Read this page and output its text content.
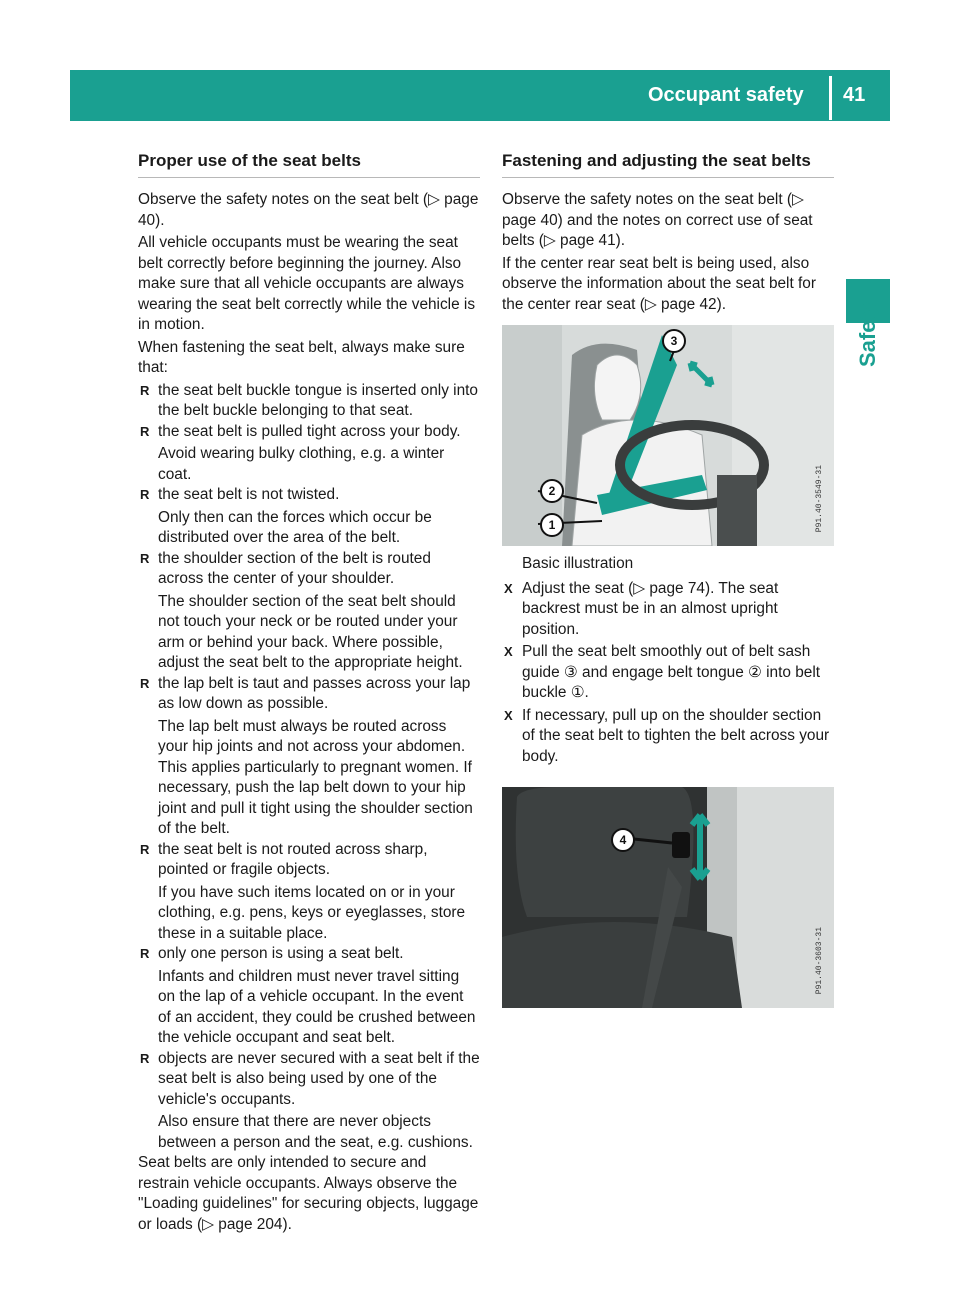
Occupant safety 41
Safety
Proper use of the seat belts

Observe the safety notes on the seat belt (▷ page 40).

All vehicle occupants must be wearing the seat belt correctly before beginning the journey. Also make sure that all vehicle occupants are always wearing the seat belt correctly while the vehicle is in motion.

When fastening the seat belt, always make sure that:

R the seat belt buckle tongue is inserted only into the belt buckle belonging to that seat.
R the seat belt is pulled tight across your body.
Avoid wearing bulky clothing, e.g. a winter coat.
R the seat belt is not twisted.
Only then can the forces which occur be distributed over the area of the belt.
R the shoulder section of the belt is routed across the center of your shoulder.
The shoulder section of the seat belt should not touch your neck or be routed under your arm or behind your back. Where possible, adjust the seat belt to the appropriate height.
R the lap belt is taut and passes across your lap as low down as possible.
The lap belt must always be routed across your hip joints and not across your abdomen. This applies particularly to pregnant women. If necessary, push the lap belt down to your hip joint and pull it tight using the shoulder section of the belt.
R the seat belt is not routed across sharp, pointed or fragile objects.
If you have such items located on or in your clothing, e.g. pens, keys or eyeglasses, store these in a suitable place.
R only one person is using a seat belt.
Infants and children must never travel sitting on the lap of a vehicle occupant. In the event of an accident, they could be crushed between the vehicle occupant and seat belt.
R objects are never secured with a seat belt if the seat belt is also being used by one of the vehicle's occupants.
Also ensure that there are never objects between a person and the seat, e.g. cushions.

Seat belts are only intended to secure and restrain vehicle occupants. Always observe the "Loading guidelines" for securing objects, luggage or loads (▷ page 204).

Fastening and adjusting the seat belts

Observe the safety notes on the seat belt (▷ page 40) and the notes on correct use of seat belts (▷ page 41).

If the center rear seat belt is being used, also observe the information about the seat belt for the center rear seat (▷ page 42).

3
2
1	P91.40-3549-31

Basic illustration

X Adjust the seat (▷ page 74). The seat backrest must be in an almost upright position.
X Pull the seat belt smoothly out of belt sash guide ③ and engage belt tongue ② into belt buckle ①.
X If necessary, pull up on the shoulder section of the seat belt to tighten the belt across your body.
4
P91.40-3603-31
